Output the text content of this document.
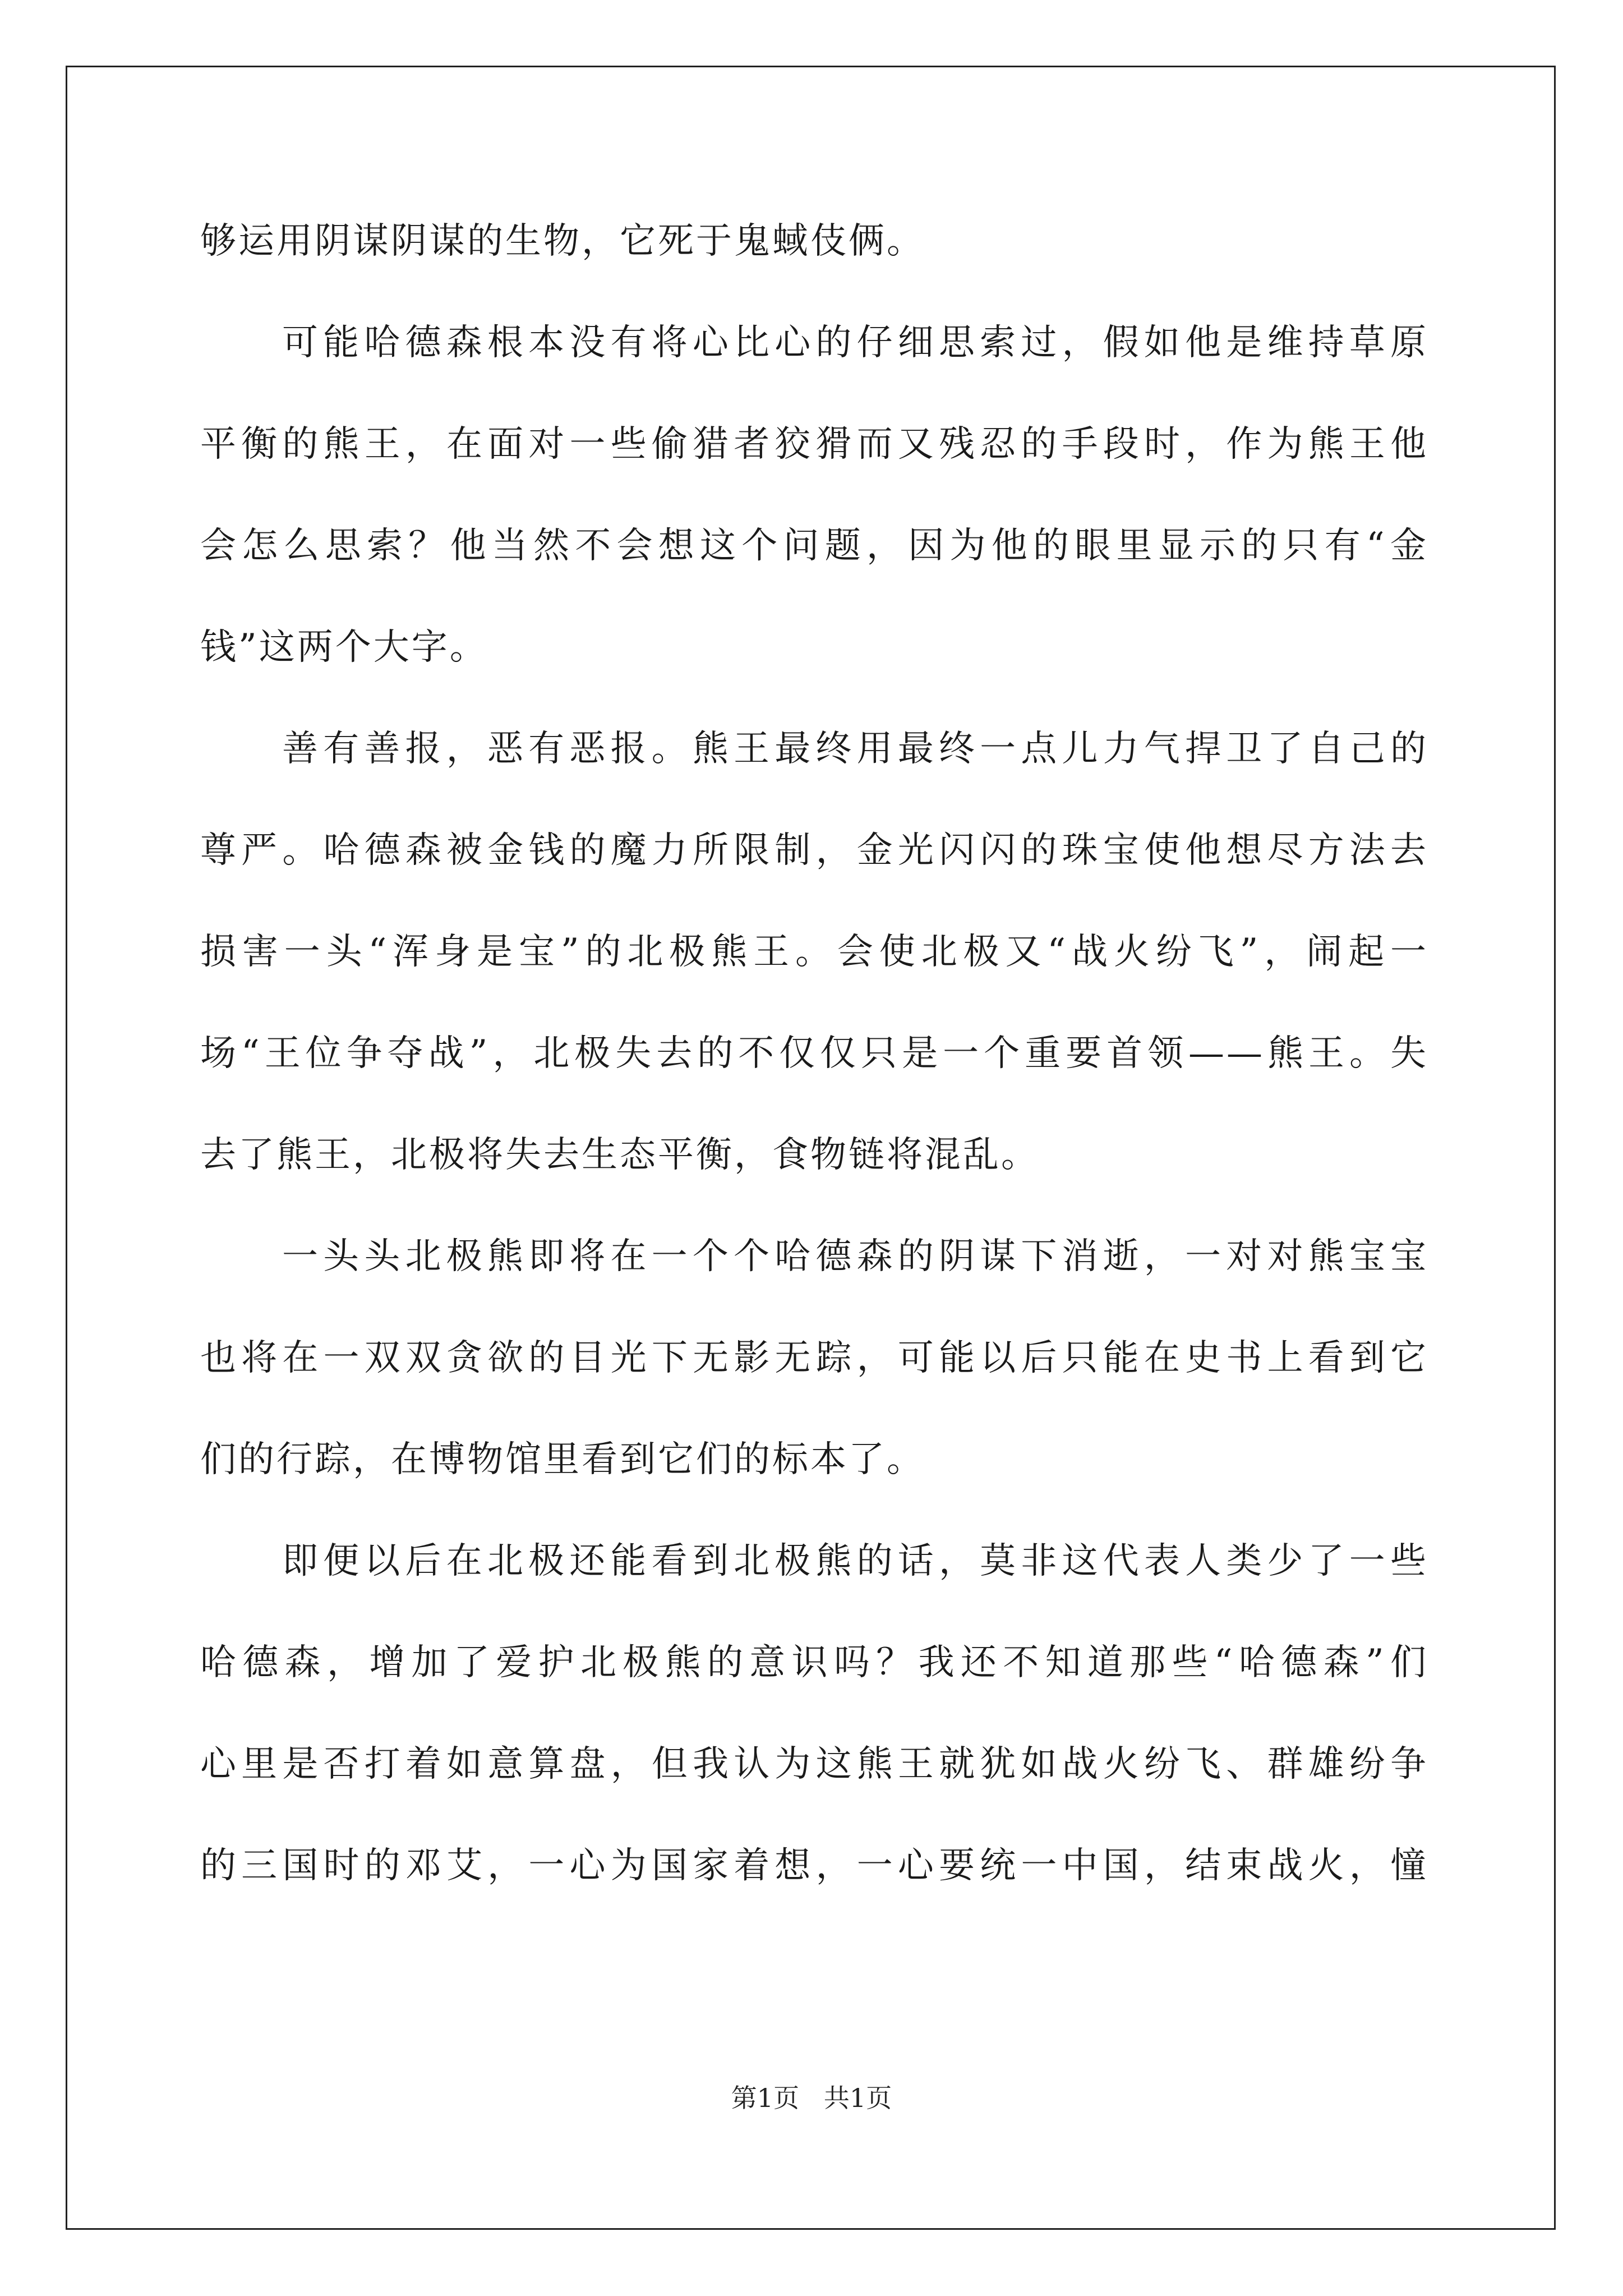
够运用阴谋阴谋的生物，它死于鬼蜮伎俩。
可能哈德森根本没有将心比心的仔细思索过，假如他是维持草原
平衡的熊王，在面对一些偷猎者狡猾而又残忍的手段时，作为熊王他
会怎么思索？他当然不会想这个问题，因为他的眼里显示的只有“金
钱”这两个大字。
善有善报，恶有恶报。熊王最终用最终一点儿力气捍卫了自己的
尊严。哈德森被金钱的魔力所限制，金光闪闪的珠宝使他想尽方法去
损害一头“浑身是宝”的北极熊王。会使北极又“战火纷飞”，闹起一
场“王位争夺战”，北极失去的不仅仅只是一个重要首领——熊王。失
去了熊王，北极将失去生态平衡，食物链将混乱。
一头头北极熊即将在一个个哈德森的阴谋下消逝，一对对熊宝宝
也将在一双双贪欲的目光下无影无踪，可能以后只能在史书上看到它
们的行踪，在博物馆里看到它们的标本了。
即便以后在北极还能看到北极熊的话，莫非这代表人类少了一些
哈德森，增加了爱护北极熊的意识吗？我还不知道那些“哈德森”们
心里是否打着如意算盘，但我认为这熊王就犹如战火纷飞、群雄纷争
的三国时的邓艾，一心为国家着想，一心要统一中国，结束战火，憧
第1页   共1页
